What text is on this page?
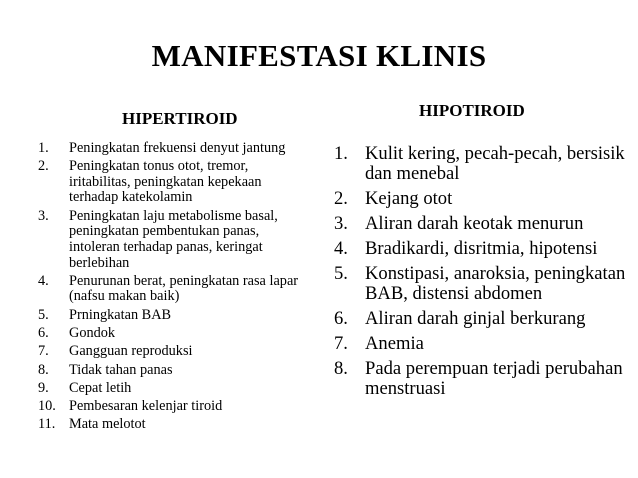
MANIFESTASI KLINIS
HIPERTIROID	HIPOTIROID
1. Peningkatan frekuensi denyut jantung
2. Peningkatan tonus otot, tremor, iritabilitas, peningkatan kepekaan terhadap katekolamin
3. Peningkatan laju metabolisme basal, peningkatan pembentukan panas, intoleran terhadap panas, keringat berlebihan
4. Penurunan berat, peningkatan rasa lapar (nafsu makan baik)
5. Prningkatan BAB
6. Gondok
7. Gangguan reproduksi
8. Tidak tahan panas
9. Cepat letih
10. Pembesaran kelenjar tiroid
11. Mata melotot
1. Kulit kering, pecah-pecah, bersisik dan menebal
2. Kejang otot
3. Aliran darah keotak menurun
4. Bradikardi, disritmia, hipotensi
5. Konstipasi, anaroksia, peningkatan BAB, distensi abdomen
6. Aliran darah ginjal berkurang
7. Anemia
8. Pada perempuan terjadi perubahan menstruasi
